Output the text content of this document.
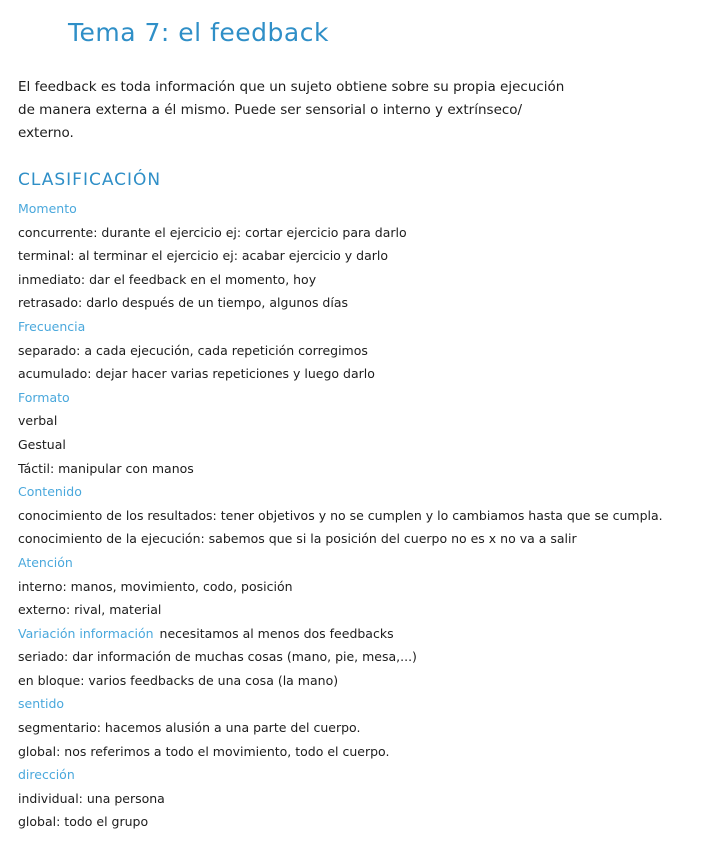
Tema 7: el feedback
El feedback es toda información que un sujeto obtiene sobre su propia ejecución
de manera externa a él mismo. Puede ser sensorial o interno y extrínseco/
externo.
CLASIFICACIÓN
Momento
concurrente: durante el ejercicio ej: cortar ejercicio para darlo
terminal: al terminar el ejercicio ej: acabar ejercicio y darlo
inmediato: dar el feedback en el momento, hoy
retrasado: darlo después de un tiempo, algunos días
Frecuencia
separado: a cada ejecución, cada repetición corregimos
acumulado: dejar hacer varias repeticiones y luego darlo
Formato
verbal
Gestual
Táctil: manipular con manos
Contenido
conocimiento de los resultados: tener objetivos y no se cumplen y lo cambiamos hasta que se cumpla.
conocimiento de la ejecución: sabemos que si la posición del cuerpo no es x no va a salir
Atención
interno: manos, movimiento, codo, posición
externo: rival, material
Variación información necesitamos al menos dos feedbacks
seriado: dar información de muchas cosas (mano, pie, mesa,...)
en bloque: varios feedbacks de una cosa (la mano)
sentido
segmentario: hacemos alusión a una parte del cuerpo.
global: nos referimos a todo el movimiento, todo el cuerpo.
dirección
individual: una persona
global: todo el grupo
